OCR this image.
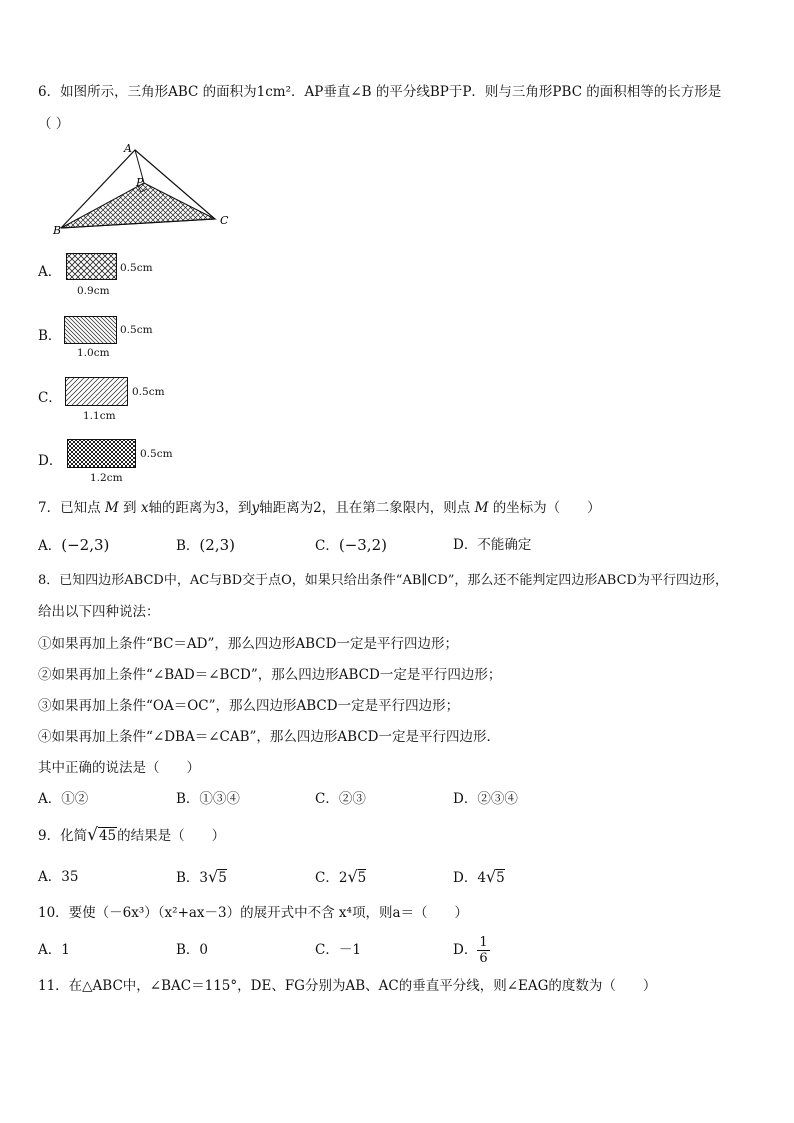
6．如图所示，三角形ABC 的面积为1cm²．AP垂直∠B 的平分线BP于P．则与三角形PBC 的面积相等的长方形是
（ ）
A
P
B
C
A．	0.5cm
0.9cm
B．	0.5cm
1.0cm
C．	0.5cm
1.1cm
D．	0.5cm
1.2cm
7．已知点 M 到 x轴的距离为3，到y轴距离为2，且在第二象限内，则点 M 的坐标为（　　）
A．(−2,3)	B．(2,3)	C．(−3,2)	D．不能确定
8．已知四边形ABCD中，AC与BD交于点O，如果只给出条件“AB∥CD”，那么还不能判定四边形ABCD为平行四边形，
给出以下四种说法：
①如果再加上条件“BC＝AD”，那么四边形ABCD一定是平行四边形；
②如果再加上条件“∠BAD＝∠BCD”，那么四边形ABCD一定是平行四边形；
③如果再加上条件“OA＝OC”，那么四边形ABCD一定是平行四边形；
④如果再加上条件“∠DBA＝∠CAB”，那么四边形ABCD一定是平行四边形．
其中正确的说法是（　　）
A．①②	B．①③④	C．②③	D．②③④
9．化简√45的结果是（　　）
A．35	B．3√5	C．2√5	D．4√5
10．要使（－6x³）（x²+ax－3）的展开式中不含 x⁴项，则a＝（　　）
A．1	B．0	C．－1	D． $\frac{1}{6}$
11．在△ABC中，∠BAC＝115°，DE、FG分别为AB、AC的垂直平分线，则∠EAG的度数为（　　）
